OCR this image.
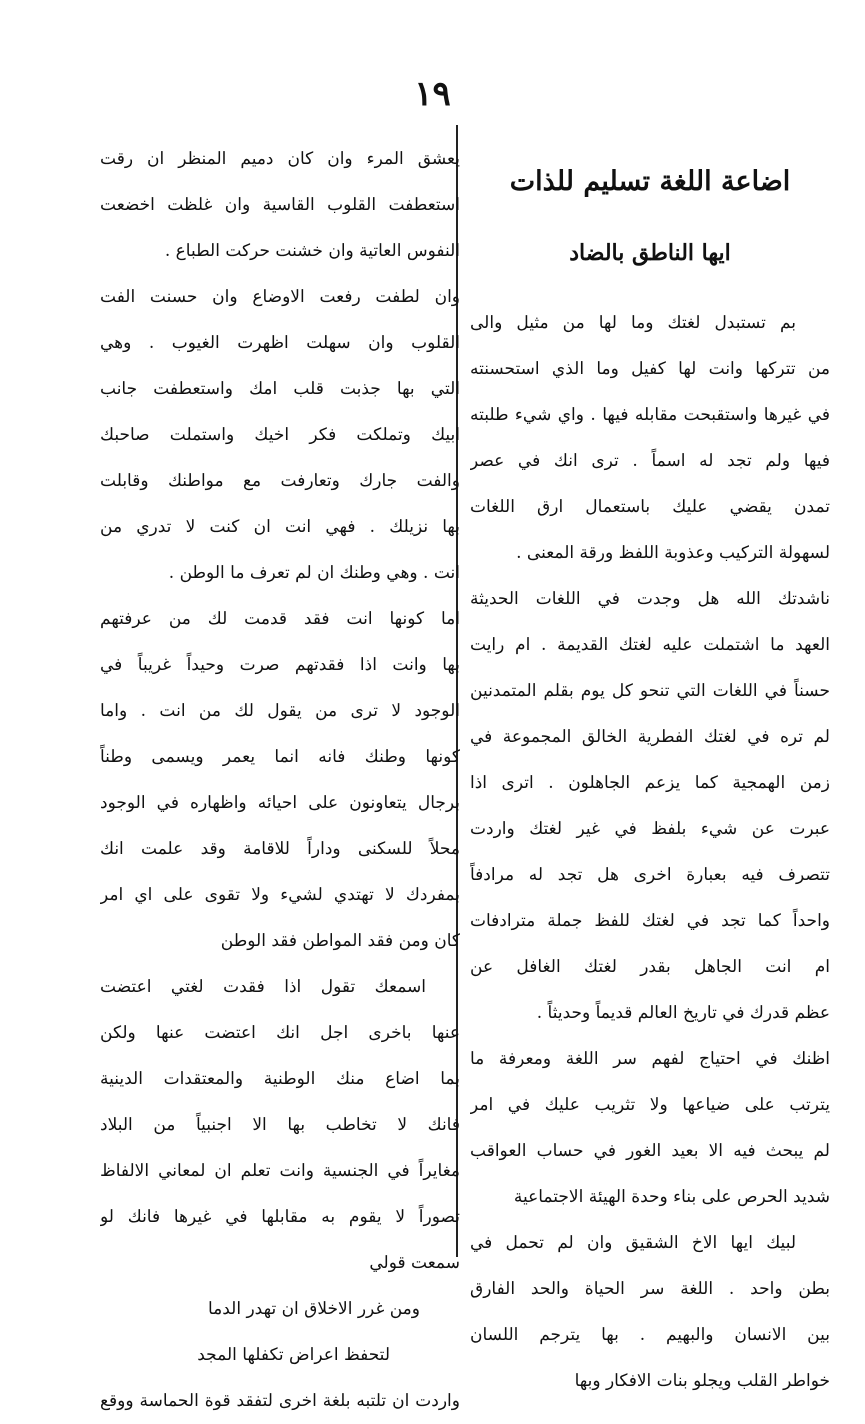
١٩
اضاعة اللغة تسليم للذات
ايها الناطق بالضاد
بم تستبدل لغتك وما لها من مثيل والى
من تتركها وانت لها كفيل وما الذي استحسنته
في غيرها واستقبحت مقابله فيها . واي شيء طلبته
فيها ولم تجد له اسماً . ترى انك في عصر
تمدن يقضي عليك باستعمال ارق اللغات
لسهولة التركيب وعذوبة اللفظ ورقة المعنى .
ناشدتك الله هل وجدت في اللغات الحديثة
العهد ما اشتملت عليه لغتك القديمة . ام رايت
حسناً في اللغات التي تنحو كل يوم بقلم المتمدنين
لم تره في لغتك الفطرية الخالق المجموعة في
زمن الهمجية كما يزعم الجاهلون . اترى اذا
عبرت عن شيء بلفظ في غير لغتك واردت
تتصرف فيه بعبارة اخرى هل تجد له مرادفاً
واحداً كما تجد في لغتك للفظ جملة مترادفات
ام انت الجاهل بقدر لغتك الغافل عن
عظم قدرك في تاريخ العالم قديماً وحديثاً .
اظنك في احتياج لفهم سر اللغة ومعرفة ما
يترتب على ضياعها ولا تثريب عليك في امر
لم يبحث فيه الا بعيد الغور في حساب العواقب
شديد الحرص على بناء وحدة الهيئة الاجتماعية
لبيك ايها الاخ الشقيق وان لم تحمل في
بطن واحد . اللغة سر الحياة والحد الفارق
بين الانسان والبهيم . بها يترجم اللسان
خواطر القلب ويجلو بنات الافكار وبها
يعشق المرء وان كان دميم المنظر ان رقت
استعطفت القلوب القاسية وان غلظت اخضعت
النفوس العاتية وان خشنت حركت الطباع .
وان لطفت رفعت الاوضاع وان حسنت الفت
القلوب وان سهلت اظهرت الغيوب . وهي
التي بها جذبت قلب امك واستعطفت جانب
ابيك وتملكت فكر اخيك واستملت صاحبك
والفت جارك وتعارفت مع مواطنك وقابلت
بها نزيلك . فهي انت ان كنت لا تدري من
انت . وهي وطنك ان لم تعرف ما الوطن .
اما كونها انت فقد قدمت لك من عرفتهم
بها وانت اذا فقدتهم صرت وحيداً غريباً في
الوجود لا ترى من يقول لك من انت . واما
كونها وطنك فانه انما يعمر ويسمى وطناً
برجال يتعاونون على احيائه واظهاره في الوجود
محلاً للسكنى وداراً للاقامة وقد علمت انك
بمفردك لا تهتدي لشيء ولا تقوى على اي امر
كان ومن فقد المواطن فقد الوطن
اسمعك تقول اذا فقدت لغتي اعتضت
عنها باخرى اجل انك اعتضت عنها ولكن
بما اضاع منك الوطنية والمعتقدات الدينية
فانك لا تخاطب بها الا اجنبياً من البلاد
مغايراً في الجنسية وانت تعلم ان لمعاني الالفاظ
تصوراً لا يقوم به مقابلها في غيرها فانك لو
سمعت قولي
ومن غرر الاخلاق ان تهدر الدما
لتحفظ اعراض تكفلها المجد
واردت ان تلتبه بلغة اخرى لتفقد قوة الحماسة ووقع
